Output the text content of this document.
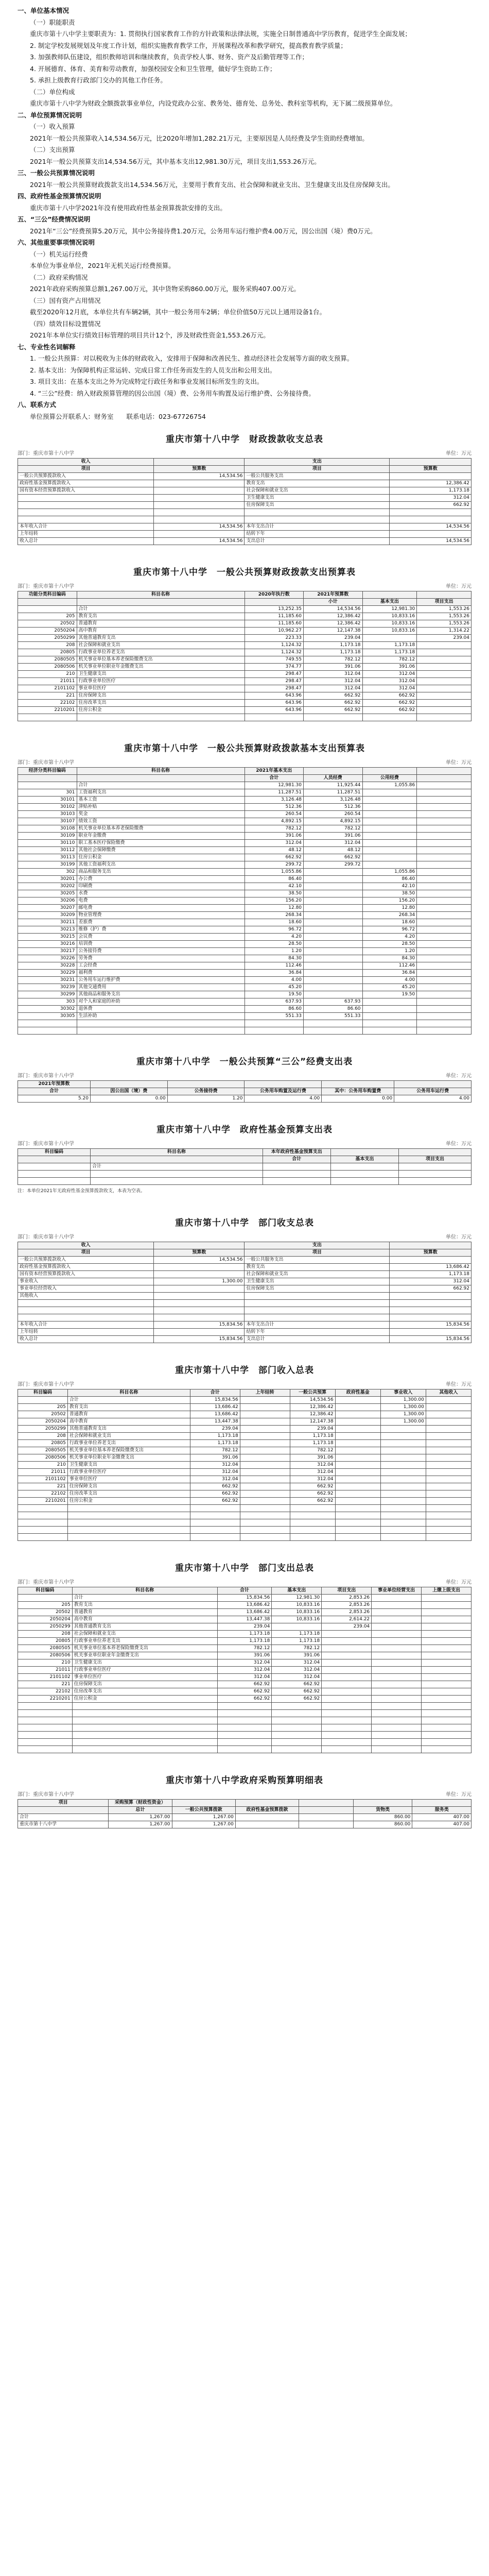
一、单位基本情况
（一）职能职责
重庆市第十八中学主要职责为：1. 贯彻执行国家教育工作的方针政策和法律法规，实施全日制普通高中学历教育，促进学生全面发展；
2. 制定学校发展规划及年度工作计划，组织实施教育教学工作，开展课程改革和教学研究，提高教育教学质量；
3. 加强教师队伍建设，组织教师培训和继续教育，负责学校人事、财务、资产及后勤管理等工作；
4. 开展德育、体育、美育和劳动教育，加强校园安全和卫生管理，做好学生资助工作；
5. 承担上级教育行政部门交办的其他工作任务。
（二）单位构成
重庆市第十八中学为财政全额拨款事业单位，内设党政办公室、教务处、德育处、总务处、教科室等机构，无下属二级预算单位。
二、单位预算情况说明
（一）收入预算
2021年一般公共预算收入14,534.56万元，比2020年增加1,282.21万元，主要原因是人员经费及学生资助经费增加。
（二）支出预算
2021年一般公共预算支出14,534.56万元，其中基本支出12,981.30万元，项目支出1,553.26万元。
三、一般公共预算情况说明
2021年一般公共预算财政拨款支出14,534.56万元，主要用于教育支出、社会保障和就业支出、卫生健康支出及住房保障支出。
四、政府性基金预算情况说明
重庆市第十八中学2021年没有使用政府性基金预算拨款安排的支出。
五、“三公”经费情况说明
2021年“三公”经费预算5.20万元，其中公务接待费1.20万元，公务用车运行维护费4.00万元，因公出国（境）费0万元。
六、其他重要事项情况说明
（一）机关运行经费
本单位为事业单位，2021年无机关运行经费预算。
（二）政府采购情况
2021年政府采购预算总额1,267.00万元，其中货物采购860.00万元，服务采购407.00万元。
（三）国有资产占用情况
截至2020年12月底，本单位共有车辆2辆，其中一般公务用车2辆；单位价值50万元以上通用设备1台。
（四）绩效目标设置情况
2021年本单位实行绩效目标管理的项目共计12个，涉及财政性资金1,553.26万元。
七、专业性名词解释
1. 一般公共预算：对以税收为主体的财政收入，安排用于保障和改善民生、推动经济社会发展等方面的收支预算。
2. 基本支出：为保障机构正常运转、完成日常工作任务而发生的人员支出和公用支出。
3. 项目支出：在基本支出之外为完成特定行政任务和事业发展目标所发生的支出。
4. “三公”经费：纳入财政预算管理的因公出国（境）费、公务用车购置及运行维护费、公务接待费。
八、联系方式
单位预算公开联系人：财务室　　联系电话：023-67726754
重庆市第十八中学　财政拨款收支总表
部门：重庆市第十八中学	单位：万元
收入		支出	
项目	预算数	项目	预算数
一般公共预算拨款收入	14,534.56	一般公共服务支出	
政府性基金预算拨款收入		教育支出	12,386.42
国有资本经营预算拨款收入		社会保障和就业支出	1,173.18
		卫生健康支出	312.04
		住房保障支出	662.92

本年收入合计	14,534.56	本年支出合计	14,534.56
上年结转		结转下年	
收入总计	14,534.56	支出总计	14,534.56
重庆市第十八中学　一般公共预算财政拨款支出预算表
部门：重庆市第十八中学	单位：万元
功能分类科目编码	科目名称	2020年执行数	2021年预算数		
			小计	基本支出	项目支出
	合计	13,252.35	14,534.56	12,981.30	1,553.26
205	教育支出	11,185.60	12,386.42	10,833.16	1,553.26
20502	普通教育	11,185.60	12,386.42	10,833.16	1,553.26
2050204	高中教育	10,962.27	12,147.38	10,833.16	1,314.22
2050299	其他普通教育支出	223.33	239.04		239.04
208	社会保障和就业支出	1,124.32	1,173.18	1,173.18	
20805	行政事业单位养老支出	1,124.32	1,173.18	1,173.18	
2080505	机关事业单位基本养老保险缴费支出	749.55	782.12	782.12	
2080506	机关事业单位职业年金缴费支出	374.77	391.06	391.06	
210	卫生健康支出	298.47	312.04	312.04	
21011	行政事业单位医疗	298.47	312.04	312.04	
2101102	事业单位医疗	298.47	312.04	312.04	
221	住房保障支出	643.96	662.92	662.92	
22102	住房改革支出	643.96	662.92	662.92	
2210201	住房公积金	643.96	662.92	662.92	

重庆市第十八中学　一般公共预算财政拨款基本支出预算表
部门：重庆市第十八中学	单位：万元
经济分类科目编码	科目名称	2021年基本支出			
		合计	人员经费	公用经费	
	合计	12,981.30	11,925.44	1,055.86	
301	工资福利支出	11,287.51	11,287.51		
30101	基本工资	3,126.48	3,126.48		
30102	津贴补贴	512.36	512.36		
30103	奖金	260.54	260.54		
30107	绩效工资	4,892.15	4,892.15		
30108	机关事业单位基本养老保险缴费	782.12	782.12		
30109	职业年金缴费	391.06	391.06		
30110	职工基本医疗保险缴费	312.04	312.04		
30112	其他社会保障缴费	48.12	48.12		
30113	住房公积金	662.92	662.92		
30199	其他工资福利支出	299.72	299.72		
302	商品和服务支出	1,055.86		1,055.86	
30201	办公费	86.40		86.40	
30202	印刷费	42.10		42.10	
30205	水费	38.50		38.50	
30206	电费	156.20		156.20	
30207	邮电费	12.80		12.80	
30209	物业管理费	268.34		268.34	
30211	差旅费	18.60		18.60	
30213	维修（护）费	96.72		96.72	
30215	会议费	4.20		4.20	
30216	培训费	28.50		28.50	
30217	公务接待费	1.20		1.20	
30226	劳务费	84.30		84.30	
30228	工会经费	112.46		112.46	
30229	福利费	36.84		36.84	
30231	公务用车运行维护费	4.00		4.00	
30239	其他交通费用	45.20		45.20	
30299	其他商品和服务支出	19.50		19.50	
303	对个人和家庭的补助	637.93	637.93		
30302	退休费	86.60	86.60		
30305	生活补助	551.33	551.33		

重庆市第十八中学　一般公共预算“三公”经费支出表
部门：重庆市第十八中学	单位：万元
2021年预算数					
合计	因公出国（境）费	公务接待费	公务用车购置及运行费	其中：公务用车购置费	公务用车运行费
5.20	0.00	1.20	4.00	0.00	4.00
重庆市第十八中学　政府性基金预算支出表
部门：重庆市第十八中学	单位：万元
科目编码	科目名称	本年政府性基金预算支出		
		合计	基本支出	项目支出
	合计			

注：本单位2021年无政府性基金预算拨款收支，本表为空表。
重庆市第十八中学　部门收支总表
部门：重庆市第十八中学	单位：万元
收入		支出	
项目	预算数	项目	预算数
一般公共预算拨款收入	14,534.56	一般公共服务支出	
政府性基金预算拨款收入		教育支出	13,686.42
国有资本经营预算拨款收入		社会保障和就业支出	1,173.18
事业收入	1,300.00	卫生健康支出	312.04
事业单位经营收入		住房保障支出	662.92
其他收入			

本年收入合计	15,834.56	本年支出合计	15,834.56
上年结转		结转下年	
收入总计	15,834.56	支出总计	15,834.56
重庆市第十八中学　部门收入总表
部门：重庆市第十八中学	单位：万元
科目编码	科目名称	合计	上年结转	一般公共预算	政府性基金	事业收入	其他收入
	合计	15,834.56		14,534.56		1,300.00	
205	教育支出	13,686.42		12,386.42		1,300.00	
20502	普通教育	13,686.42		12,386.42		1,300.00	
2050204	高中教育	13,447.38		12,147.38		1,300.00	
2050299	其他普通教育支出	239.04		239.04			
208	社会保障和就业支出	1,173.18		1,173.18			
20805	行政事业单位养老支出	1,173.18		1,173.18			
2080505	机关事业单位基本养老保险缴费支出	782.12		782.12			
2080506	机关事业单位职业年金缴费支出	391.06		391.06			
210	卫生健康支出	312.04		312.04			
21011	行政事业单位医疗	312.04		312.04			
2101102	事业单位医疗	312.04		312.04			
221	住房保障支出	662.92		662.92			
22102	住房改革支出	662.92		662.92			
2210201	住房公积金	662.92		662.92			

重庆市第十八中学　部门支出总表
部门：重庆市第十八中学	单位：万元
科目编码	科目名称	合计	基本支出	项目支出	事业单位经营支出	上缴上级支出
	合计	15,834.56	12,981.30	2,853.26		
205	教育支出	13,686.42	10,833.16	2,853.26		
20502	普通教育	13,686.42	10,833.16	2,853.26		
2050204	高中教育	13,447.38	10,833.16	2,614.22		
2050299	其他普通教育支出	239.04		239.04		
208	社会保障和就业支出	1,173.18	1,173.18			
20805	行政事业单位养老支出	1,173.18	1,173.18			
2080505	机关事业单位基本养老保险缴费支出	782.12	782.12			
2080506	机关事业单位职业年金缴费支出	391.06	391.06			
210	卫生健康支出	312.04	312.04			
21011	行政事业单位医疗	312.04	312.04			
2101102	事业单位医疗	312.04	312.04			
221	住房保障支出	662.92	662.92			
22102	住房改革支出	662.92	662.92			
2210201	住房公积金	662.92	662.92			

重庆市第十八中学政府采购预算明细表
部门：重庆市第十八中学	单位：万元
项目	采购预算（财政性资金）					
	总计	一般公共预算拨款	政府性基金预算拨款		货物类	服务类
合计	1,267.00	1,267.00			860.00	407.00
重庆市第十八中学	1,267.00	1,267.00			860.00	407.00
